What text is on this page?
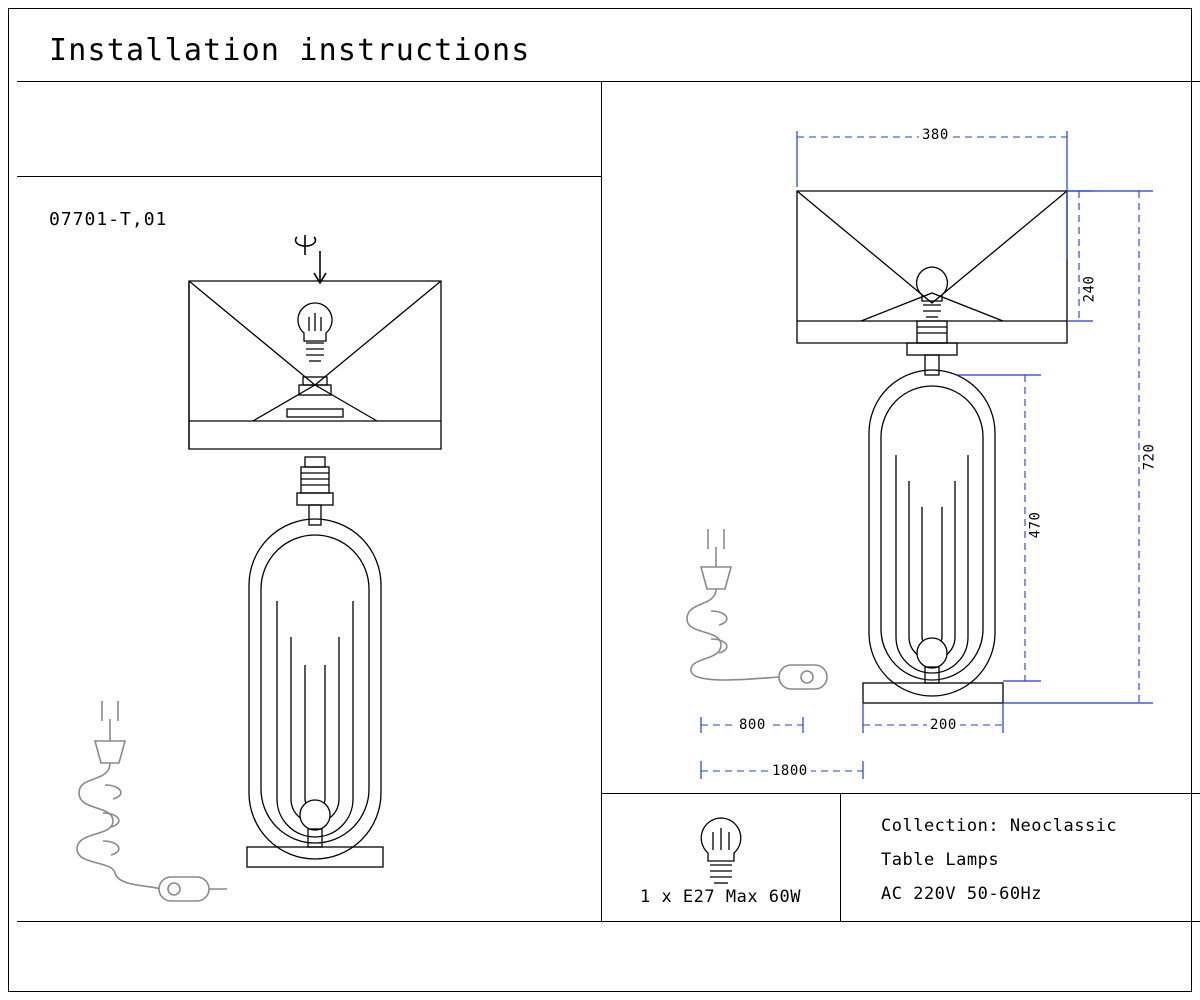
Installation instructions
07701-T,01
380
240
720
470
200
800
1800
1 x E27 Max 60W
Collection: Neoclassic
Table Lamps
AC 220V 50-60Hz
